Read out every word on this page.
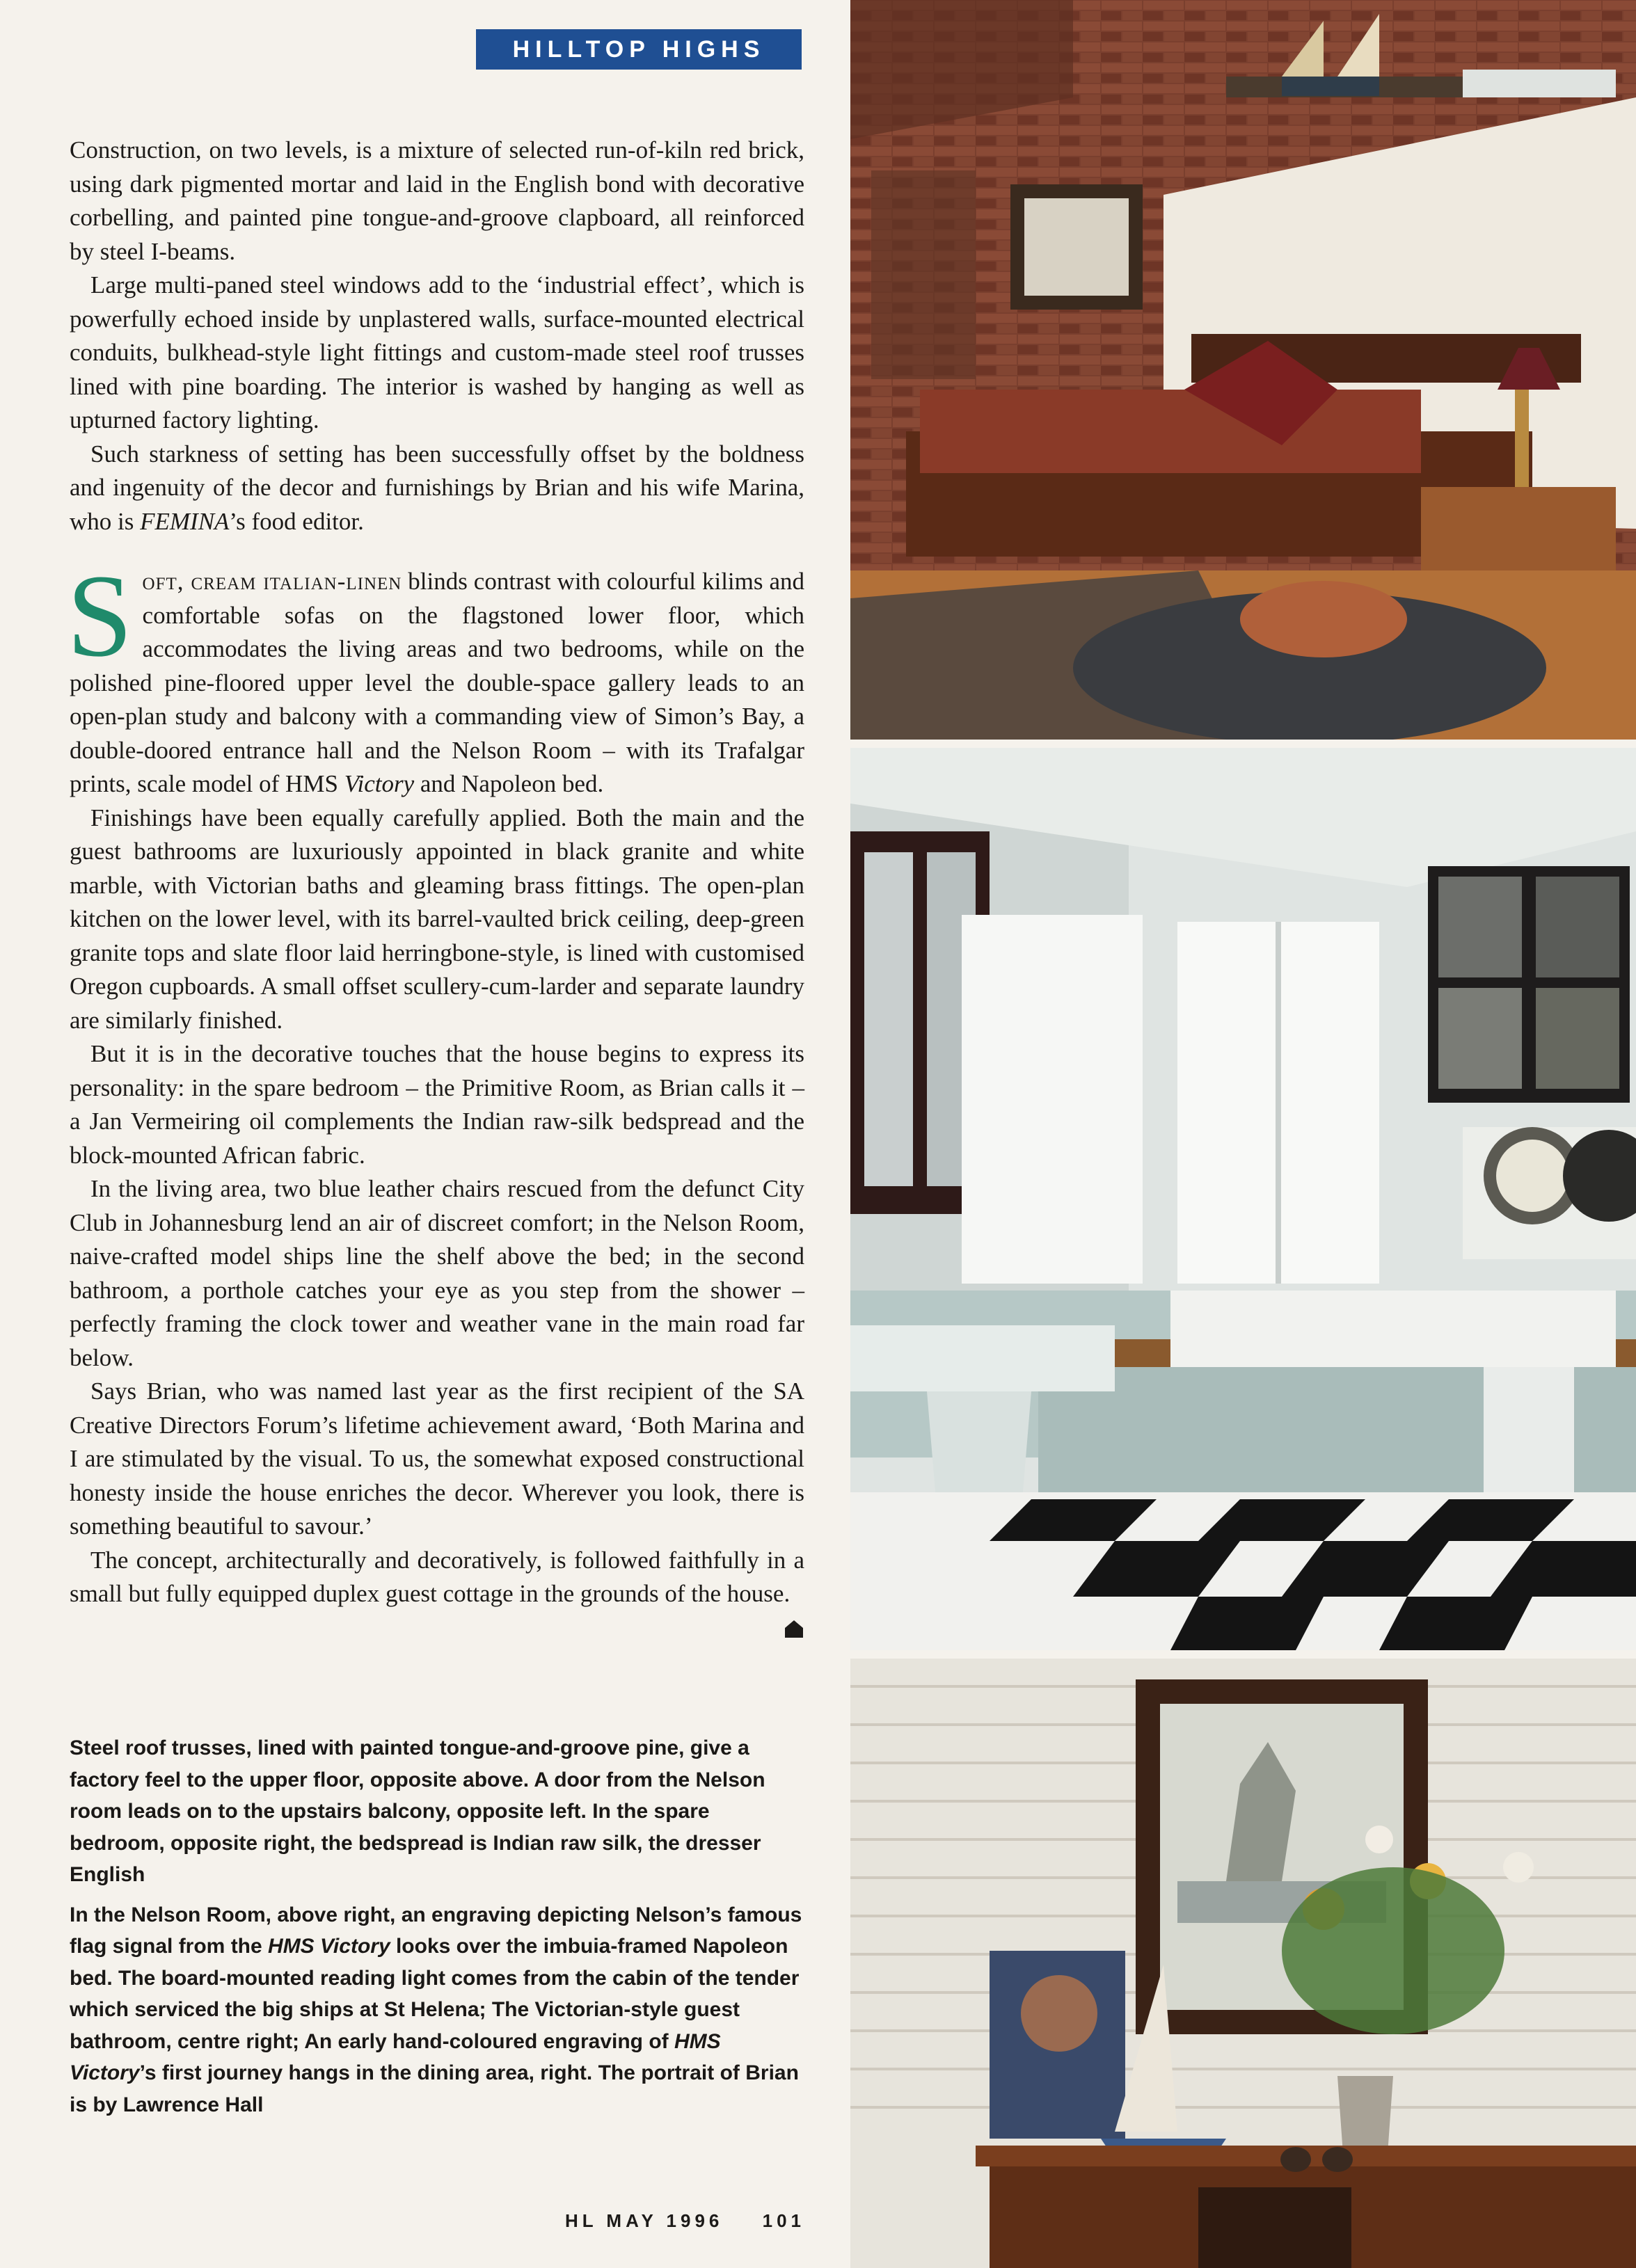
HILLTOP HIGHS

Construction, on two levels, is a mixture of selected run-of-kiln red brick, using dark pigmented mortar and laid in the English bond with decorative corbelling, and painted pine tongue-and-groove clapboard, all reinforced by steel I-beams.

Large multi-paned steel windows add to the ‘industrial effect’, which is powerfully echoed inside by unplastered walls, surface-mounted electrical conduits, bulkhead-style light fittings and custom-made steel roof trusses lined with pine boarding. The interior is washed by hanging as well as upturned factory lighting.

Such starkness of setting has been successfully offset by the boldness and ingenuity of the decor and furnishings by Brian and his wife Marina, who is FEMINA’s food editor.

Soft, cream italian-linen blinds contrast with colourful kilims and comfortable sofas on the flagstoned lower floor, which accommodates the living areas and two bedrooms, while on the polished pine-floored upper level the double-space gallery leads to an open-plan study and balcony with a commanding view of Simon’s Bay, a double-doored entrance hall and the Nelson Room – with its Trafalgar prints, scale model of HMS Victory and Napoleon bed.

Finishings have been equally carefully applied. Both the main and the guest bathrooms are luxuriously appointed in black granite and white marble, with Victorian baths and gleaming brass fittings. The open-plan kitchen on the lower level, with its barrel-vaulted brick ceiling, deep-green granite tops and slate floor laid herringbone-style, is lined with customised Oregon cupboards. A small offset scullery-cum-larder and separate laundry are similarly finished.

But it is in the decorative touches that the house begins to express its personality: in the spare bedroom – the Primitive Room, as Brian calls it – a Jan Vermeiring oil complements the Indian raw-silk bedspread and the block-mounted African fabric.

In the living area, two blue leather chairs rescued from the defunct City Club in Johannesburg lend an air of discreet comfort; in the Nelson Room, naive-crafted model ships line the shelf above the bed; in the second bathroom, a porthole catches your eye as you step from the shower – perfectly framing the clock tower and weather vane in the main road far below.

Says Brian, who was named last year as the first recipient of the SA Creative Directors Forum’s lifetime achievement award, ‘Both Marina and I are stimulated by the visual. To us, the somewhat exposed constructional honesty inside the house enriches the decor. Wherever you look, there is something beautiful to savour.’

The concept, architecturally and decoratively, is followed faithfully in a small but fully equipped duplex guest cottage in the grounds of the house.

Steel roof trusses, lined with painted tongue-and-groove pine, give a factory feel to the upper floor, opposite above. A door from the Nelson room leads on to the upstairs balcony, opposite left. In the spare bedroom, opposite right, the bedspread is Indian raw silk, the dresser English

In the Nelson Room, above right, an engraving depicting Nelson’s famous flag signal from the HMS Victory looks over the imbuia-framed Napoleon bed. The board-mounted reading light comes from the cabin of the tender which serviced the big ships at St Helena; The Victorian-style guest bathroom, centre right; An early hand-coloured engraving of HMS Victory’s first journey hangs in the dining area, right. The portrait of Brian is by Lawrence Hall

HL MAY 1996 101
